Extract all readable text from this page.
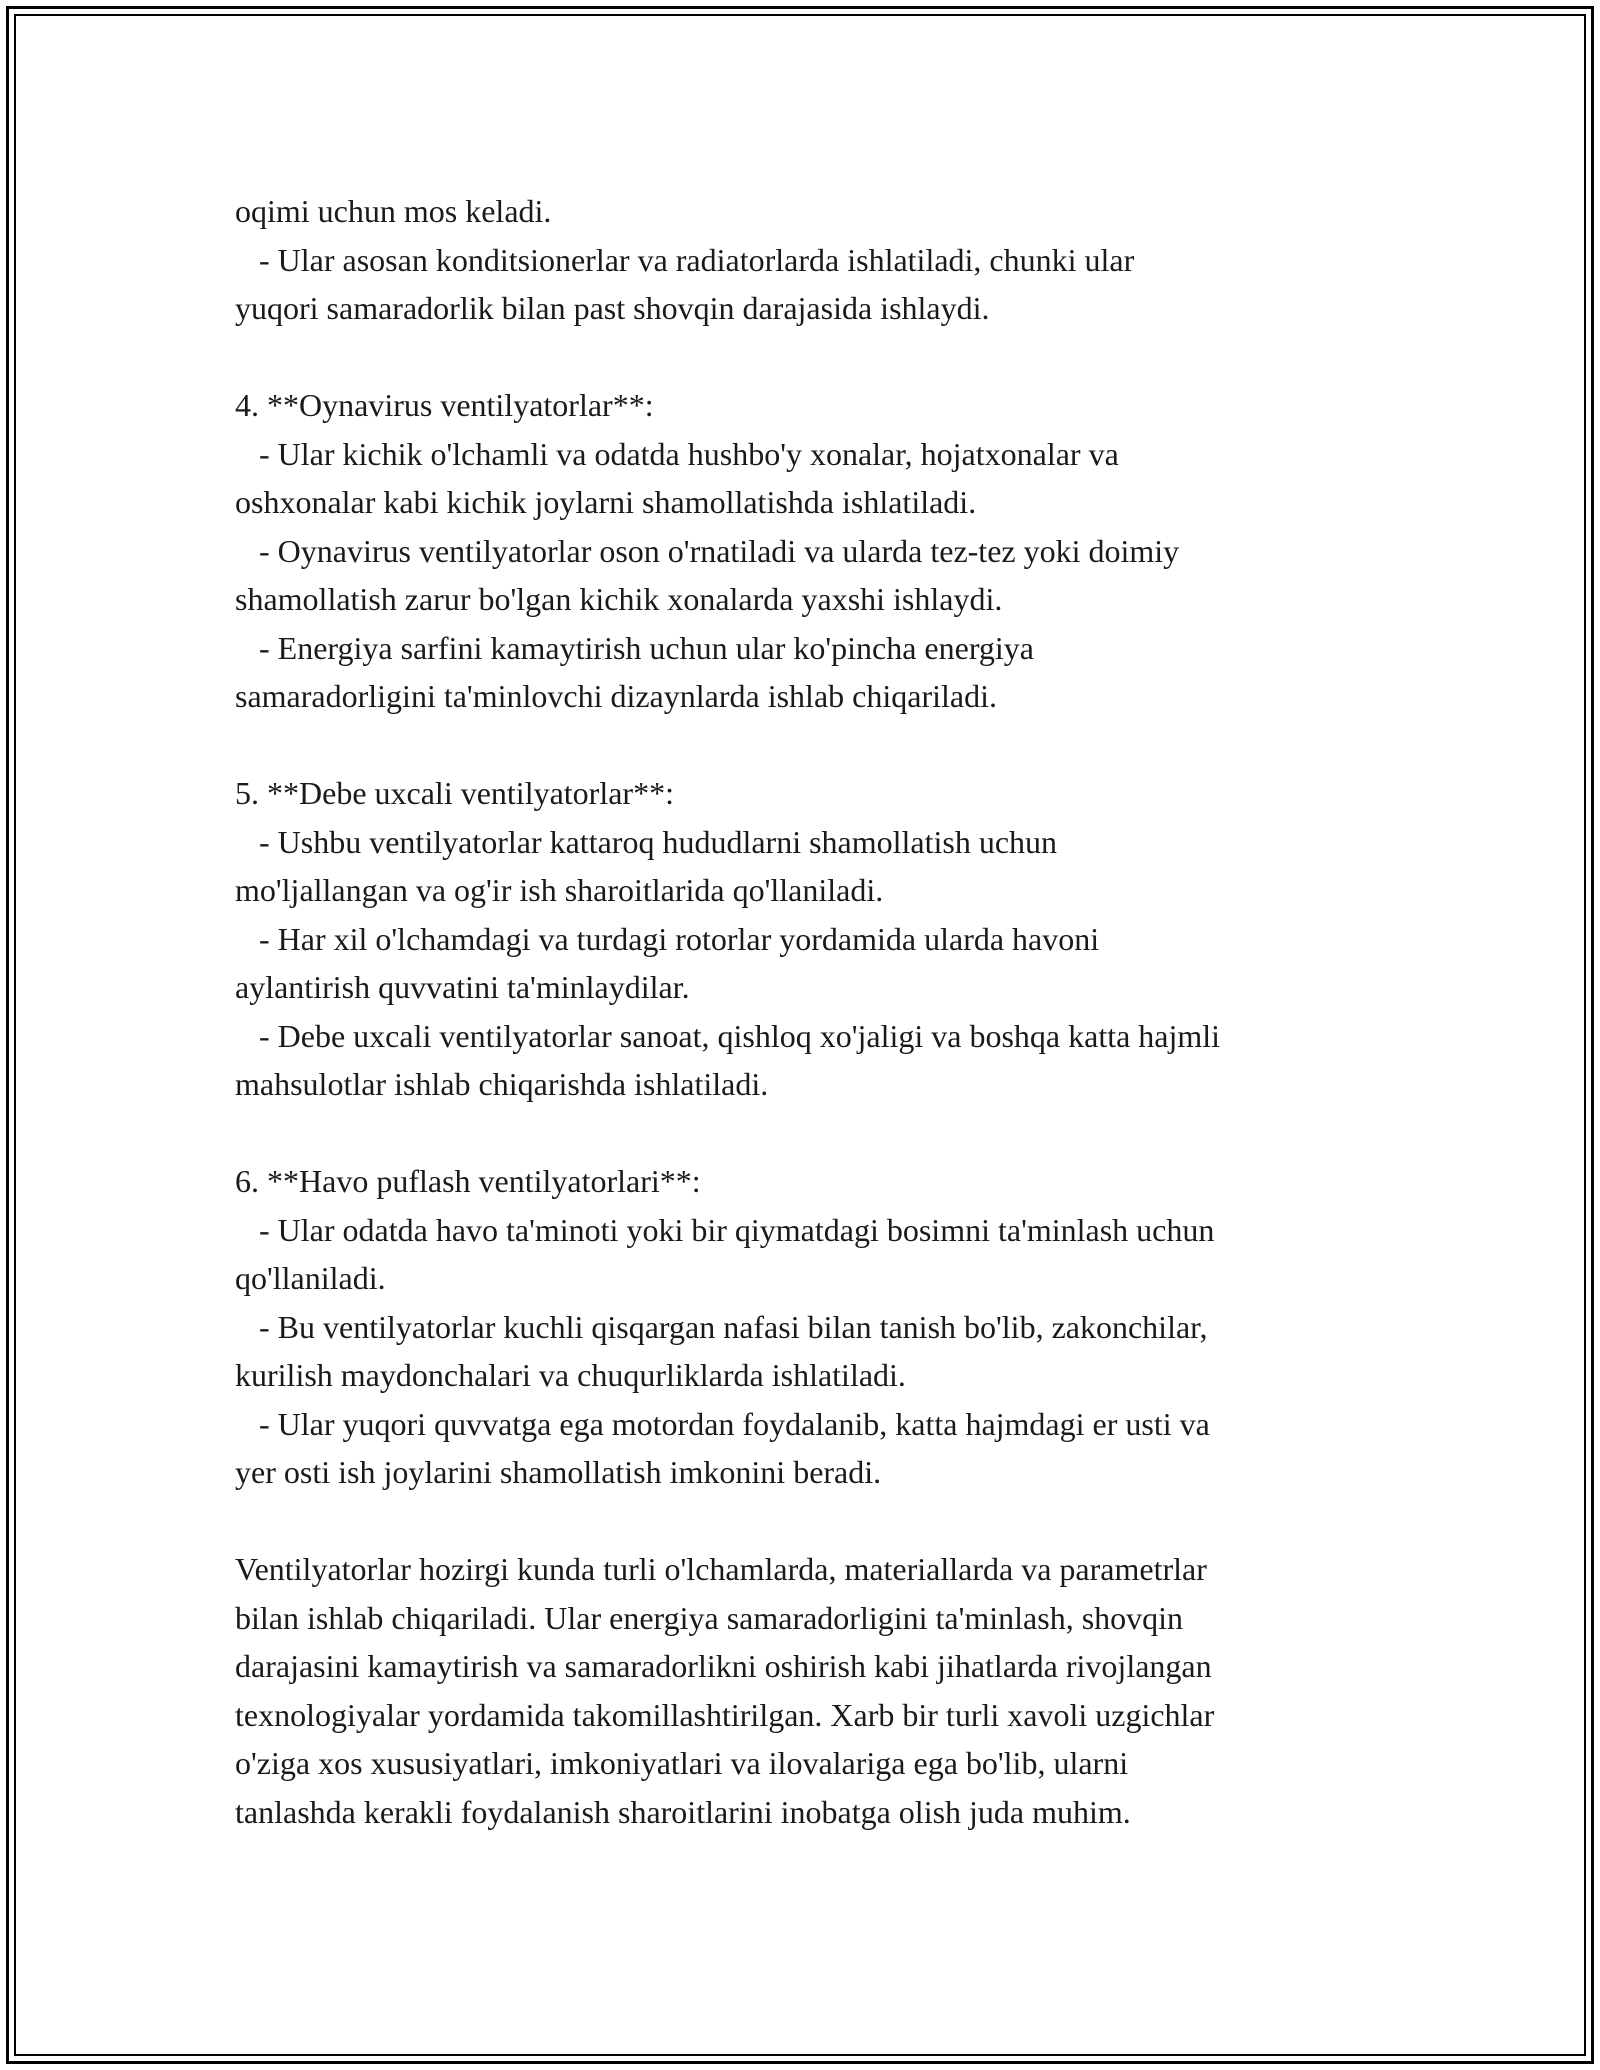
oqimi uchun mos keladi.
- Ular asosan konditsionerlar va radiatorlarda ishlatiladi, chunki ular
yuqori samaradorlik bilan past shovqin darajasida ishlaydi.
4. **Oynavirus ventilyatorlar**:
- Ular kichik o'lchamli va odatda hushbo'y xonalar, hojatxonalar va
oshxonalar kabi kichik joylarni shamollatishda ishlatiladi.
- Oynavirus ventilyatorlar oson o'rnatiladi va ularda tez-tez yoki doimiy
shamollatish zarur bo'lgan kichik xonalarda yaxshi ishlaydi.
- Energiya sarfini kamaytirish uchun ular ko'pincha energiya
samaradorligini ta'minlovchi dizaynlarda ishlab chiqariladi.
5. **Debe uxcali ventilyatorlar**:
- Ushbu ventilyatorlar kattaroq hududlarni shamollatish uchun
mo'ljallangan va og'ir ish sharoitlarida qo'llaniladi.
- Har xil o'lchamdagi va turdagi rotorlar yordamida ularda havoni
aylantirish quvvatini ta'minlaydilar.
- Debe uxcali ventilyatorlar sanoat, qishloq xo'jaligi va boshqa katta hajmli
mahsulotlar ishlab chiqarishda ishlatiladi.
6. **Havo puflash ventilyatorlari**:
- Ular odatda havo ta'minoti yoki bir qiymatdagi bosimni ta'minlash uchun
qo'llaniladi.
- Bu ventilyatorlar kuchli qisqargan nafasi bilan tanish bo'lib, zakonchilar,
kurilish maydonchalari va chuqurliklarda ishlatiladi.
- Ular yuqori quvvatga ega motordan foydalanib, katta hajmdagi er usti va
yer osti ish joylarini shamollatish imkonini beradi.
Ventilyatorlar hozirgi kunda turli o'lchamlarda, materiallarda va parametrlar
bilan ishlab chiqariladi. Ular energiya samaradorligini ta'minlash, shovqin
darajasini kamaytirish va samaradorlikni oshirish kabi jihatlarda rivojlangan
texnologiyalar yordamida takomillashtirilgan. Xarb bir turli xavoli uzgichlar
o'ziga xos xususiyatlari, imkoniyatlari va ilovalariga ega bo'lib, ularni
tanlashda kerakli foydalanish sharoitlarini inobatga olish juda muhim.
